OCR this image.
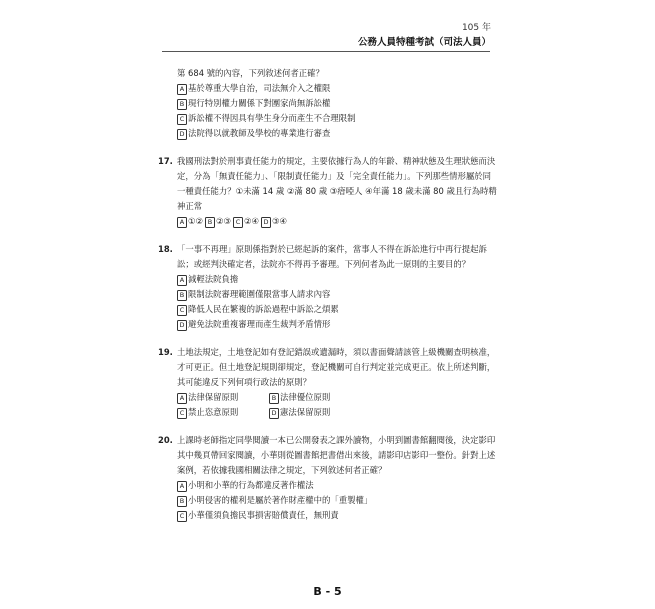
105 年
公務人員特種考試（司法人員）
第 684 號的內容，下列敘述何者正確？
A 基於尊重大學自治，司法無介入之權限
B 現行特別權力關係下對團家尚無訴訟權
C 訴訟權不得因具有學生身分而產生不合理限制
D 法院得以就教師及學校的專業進行審查
17. 我國刑法對於刑事責任能力的規定，主要依據行為人的年齡、精神狀態及生理狀態而決定，分為「無責任能力」、「限制責任能力」及「完全責任能力」。下列那些情形屬於同一種責任能力？①未滿 14 歲 ②滿 80 歲 ③瘖啞人 ④年滿 18 歲未滿 80 歲且行為時精神正常
A ①② B ②③ C ②④ D ③④
18. 「一事不再理」原則係指對於已經起訴的案件，當事人不得在訴訟進行中再行提起訴訟；或經判決確定者，法院亦不得再予審理。下列何者為此一原則的主要目的？
A 減輕法院負擔
B 限制法院審理範圍僅限當事人請求內容
C 降低人民在繁複的訴訟過程中訴訟之煩累
D 避免法院重複審理而產生裁判矛盾情形
19. 土地法規定，土地登記如有登記錯誤或遺漏時，須以書面聲請該管上級機關查明核准，才可更正。但土地登記規則卻規定，登記機關可自行判定並完成更正。依上所述判斷，其可能違反下列何項行政法的原則？
A 法律保留原則	B 法律優位原則
C 禁止恣意原則	D 憲法保留原則
20. 上課時老師指定同學閱讀一本已公開發表之課外讀物，小明到圖書館翻閱後，決定影印其中幾頁帶回家閱讀，小華則從圖書館把書借出來後，請影印店影印一整份。針對上述案例，若依據我國相關法律之規定，下列敘述何者正確？
A 小明和小華的行為都違反著作權法
B 小明侵害的權利是屬於著作財產權中的「重製權」
C 小華僅須負擔民事損害賠償責任，無刑責
B - 5
